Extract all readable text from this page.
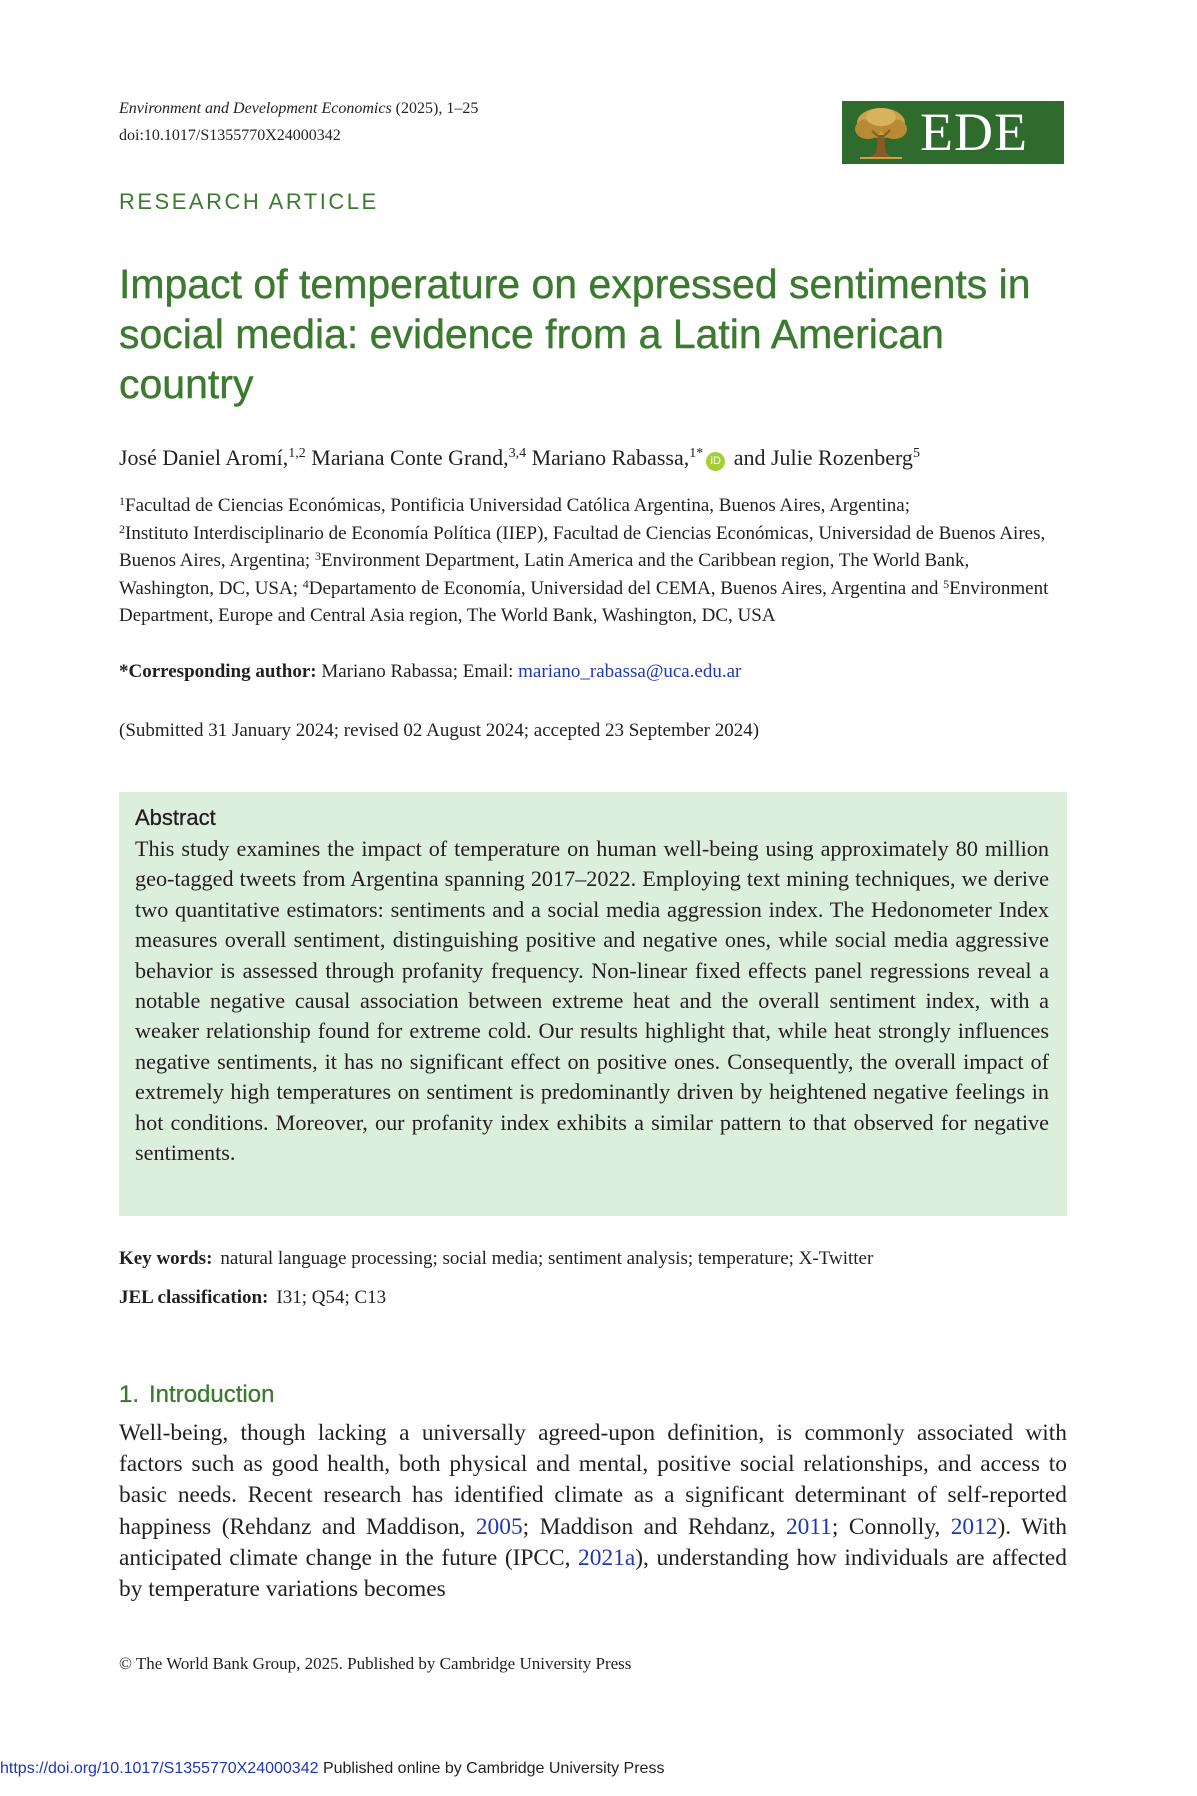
Environment and Development Economics (2025), 1–25
doi:10.1017/S1355770X24000342	EDE
RESEARCH ARTICLE
Impact of temperature on expressed sentiments in social media: evidence from a Latin American country
José Daniel Aromí,$^{1,2}$ Mariana Conte Grand,$^{3,4}$ Mariano Rabassa,$^{1*}$ iD and Julie Rozenberg$^5$

$^1$Facultad de Ciencias Económicas, Pontificia Universidad Católica Argentina, Buenos Aires, Argentina;
$^2$Instituto Interdisciplinario de Economía Política (IIEP), Facultad de Ciencias Económicas, Universidad de Buenos Aires, Buenos Aires, Argentina; $^3$Environment Department, Latin America and the Caribbean region, The World Bank, Washington, DC, USA; $^4$Departamento de Economía, Universidad del CEMA, Buenos Aires, Argentina and $^5$Environment Department, Europe and Central Asia region, The World Bank, Washington, DC, USA

*Corresponding author: Mariano Rabassa; Email: mariano_rabassa@uca.edu.ar
(Submitted 31 January 2024; revised 02 August 2024; accepted 23 September 2024)
Abstract

This study examines the impact of temperature on human well-being using approximately 80 million geo-tagged tweets from Argentina spanning 2017–2022. Employing text mining techniques, we derive two quantitative estimators: sentiments and a social media aggression index. The Hedonometer Index measures overall sentiment, distinguishing positive and negative ones, while social media aggressive behavior is assessed through profanity frequency. Non-linear fixed effects panel regressions reveal a notable negative causal association between extreme heat and the overall sentiment index, with a weaker relationship found for extreme cold. Our results highlight that, while heat strongly influences negative sentiments, it has no significant effect on positive ones. Consequently, the overall impact of extremely high temperatures on sentiment is predominantly driven by heightened negative feelings in hot conditions. Moreover, our profanity index exhibits a similar pattern to that observed for negative sentiments.

Key words: natural language processing; social media; sentiment analysis; temperature; X-Twitter
JEL classification: I31; Q54; C13
1. Introduction

Well-being, though lacking a universally agreed-upon definition, is commonly associated with factors such as good health, both physical and mental, positive social relationships, and access to basic needs. Recent research has identified climate as a significant determinant of self-reported happiness (Rehdanz and Maddison, 2005; Maddison and Rehdanz, 2011; Connolly, 2012). With anticipated climate change in the future (IPCC, 2021a), understanding how individuals are affected by temperature variations becomes

© The World Bank Group, 2025. Published by Cambridge University Press
https://doi.org/10.1017/S1355770X24000342 Published online by Cambridge University Press
